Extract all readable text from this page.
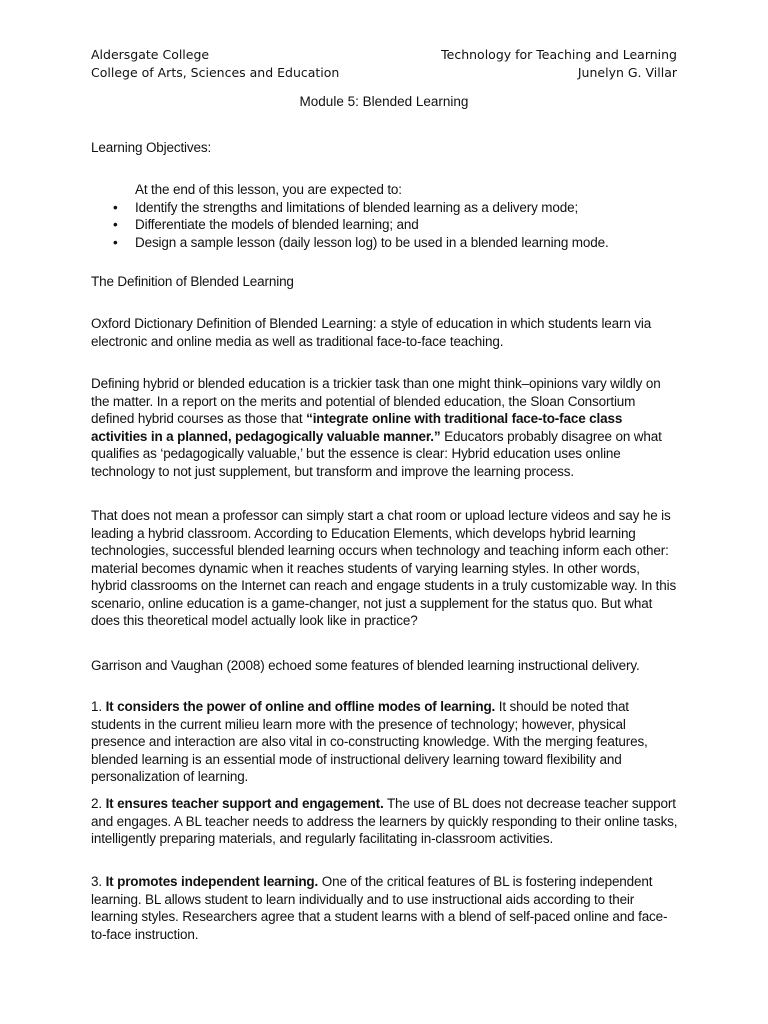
Aldersgate College
College of Arts, Sciences and Education
Technology for Teaching and Learning
Junelyn G. Villar
Module 5: Blended Learning

Learning Objectives:

At the end of this lesson, you are expected to:

• Identify the strengths and limitations of blended learning as a delivery mode;
• Differentiate the models of blended learning; and
• Design a sample lesson (daily lesson log) to be used in a blended learning mode.

The Definition of Blended Learning

Oxford Dictionary Definition of Blended Learning: a style of education in which students learn via electronic and online media as well as traditional face-to-face teaching.

Defining hybrid or blended education is a trickier task than one might think–opinions vary wildly on the matter. In a report on the merits and potential of blended education, the Sloan Consortium defined hybrid courses as those that “integrate online with traditional face-to-face class activities in a planned, pedagogically valuable manner.” Educators probably disagree on what qualifies as ‘pedagogically valuable,’ but the essence is clear: Hybrid education uses online technology to not just supplement, but transform and improve the learning process.

That does not mean a professor can simply start a chat room or upload lecture videos and say he is leading a hybrid classroom. According to Education Elements, which develops hybrid learning technologies, successful blended learning occurs when technology and teaching inform each other: material becomes dynamic when it reaches students of varying learning styles. In other words, hybrid classrooms on the Internet can reach and engage students in a truly customizable way. In this scenario, online education is a game-changer, not just a supplement for the status quo. But what does this theoretical model actually look like in practice?

Garrison and Vaughan (2008) echoed some features of blended learning instructional delivery.

1. It considers the power of online and offline modes of learning. It should be noted that students in the current milieu learn more with the presence of technology; however, physical presence and interaction are also vital in co-constructing knowledge. With the merging features, blended learning is an essential mode of instructional delivery learning toward flexibility and personalization of learning.

2. It ensures teacher support and engagement. The use of BL does not decrease teacher support and engages. A BL teacher needs to address the learners by quickly responding to their online tasks, intelligently preparing materials, and regularly facilitating in-classroom activities.

3. It promotes independent learning. One of the critical features of BL is fostering independent learning. BL allows student to learn individually and to use instructional aids according to their learning styles. Researchers agree that a student learns with a blend of self-paced online and face-to-face instruction.
